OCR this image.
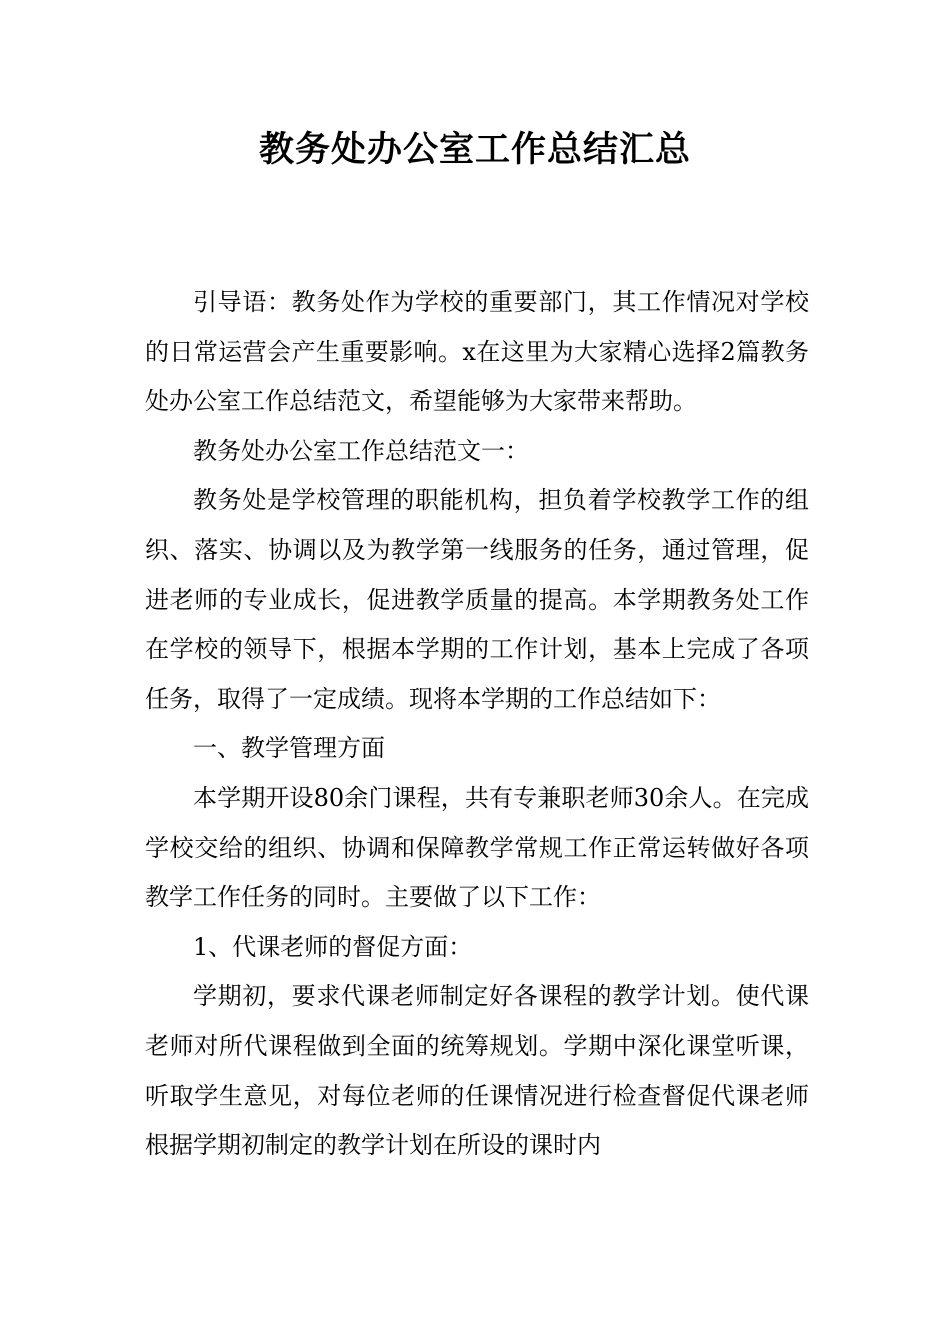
教务处办公室工作总结汇总

引导语：教务处作为学校的重要部门，其工作情况对学校的日常运营会产生重要影响。x在这里为大家精心选择2篇教务处办公室工作总结范文，希望能够为大家带来帮助。

教务处办公室工作总结范文一：

教务处是学校管理的职能机构，担负着学校教学工作的组织、落实、协调以及为教学第一线服务的任务，通过管理，促进老师的专业成长，促进教学质量的提高。本学期教务处工作在学校的领导下，根据本学期的工作计划，基本上完成了各项任务，取得了一定成绩。现将本学期的工作总结如下：

一、教学管理方面

本学期开设80余门课程，共有专兼职老师30余人。在完成学校交给的组织、协调和保障教学常规工作正常运转做好各项教学工作任务的同时。主要做了以下工作：

1、代课老师的督促方面：

学期初，要求代课老师制定好各课程的教学计划。使代课老师对所代课程做到全面的统筹规划。学期中深化课堂听课，听取学生意见，对每位老师的任课情况进行检查督促代课老师根据学期初制定的教学计划在所设的课时内
